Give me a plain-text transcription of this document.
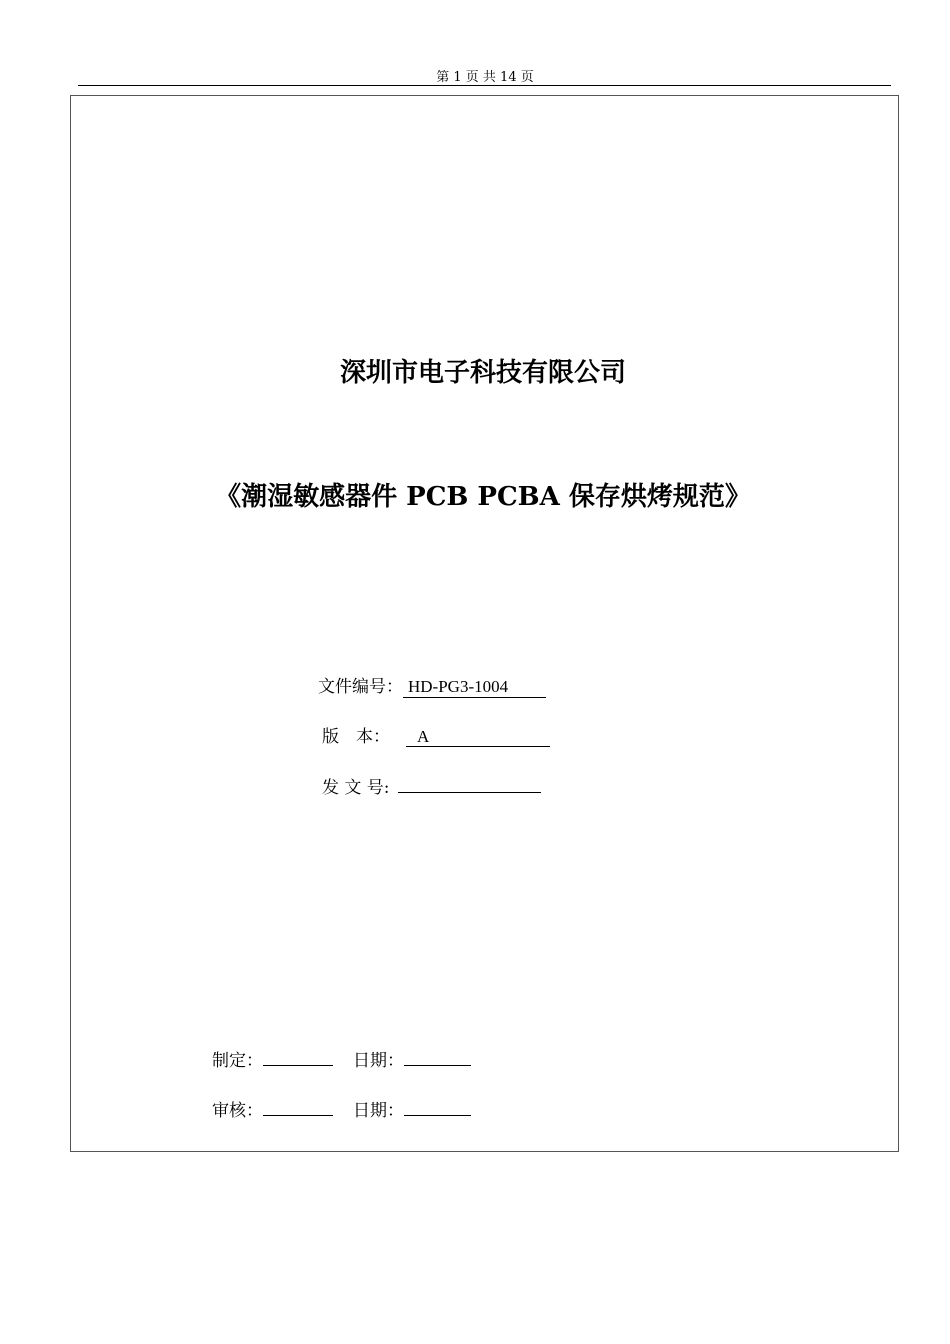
第 1 页 共 14 页
深圳市电子科技有限公司
《潮湿敏感器件 PCB PCBA 保存烘烤规范》
文件编号： HD-PG3-1004
版　本：	A
发 文 号:
制定：	日期：
审核：	日期：
